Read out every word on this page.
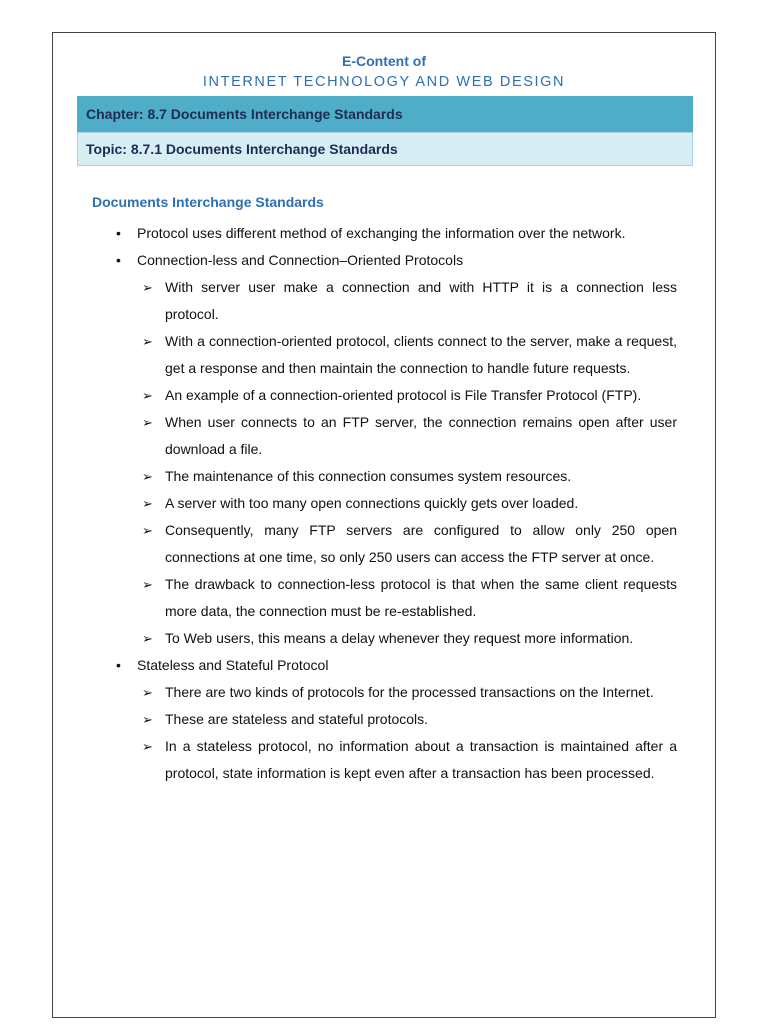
E-Content of

INTERNET TECHNOLOGY AND WEB DESIGN

Chapter: 8.7 Documents Interchange Standards
Topic: 8.7.1 Documents Interchange Standards
Documents Interchange Standards
• Protocol uses different method of exchanging the information over the network.
• Connection-less and Connection–Oriented Protocols
➢ With server user make a connection and with HTTP it is a connection less protocol.
➢ With a connection-oriented protocol, clients connect to the server, make a request, get a response and then maintain the connection to handle future requests.
➢ An example of a connection-oriented protocol is File Transfer Protocol (FTP).
➢ When user connects to an FTP server, the connection remains open after user download a file.
➢ The maintenance of this connection consumes system resources.
➢ A server with too many open connections quickly gets over loaded.
➢ Consequently, many FTP servers are configured to allow only 250 open connections at one time, so only 250 users can access the FTP server at once.
➢ The drawback to connection-less protocol is that when the same client requests more data, the connection must be re-established.
➢ To Web users, this means a delay whenever they request more information.
• Stateless and Stateful Protocol
➢ There are two kinds of protocols for the processed transactions on the Internet.
➢ These are stateless and stateful protocols.
➢ In a stateless protocol, no information about a transaction is maintained after a protocol, state information is kept even after a transaction has been processed.
